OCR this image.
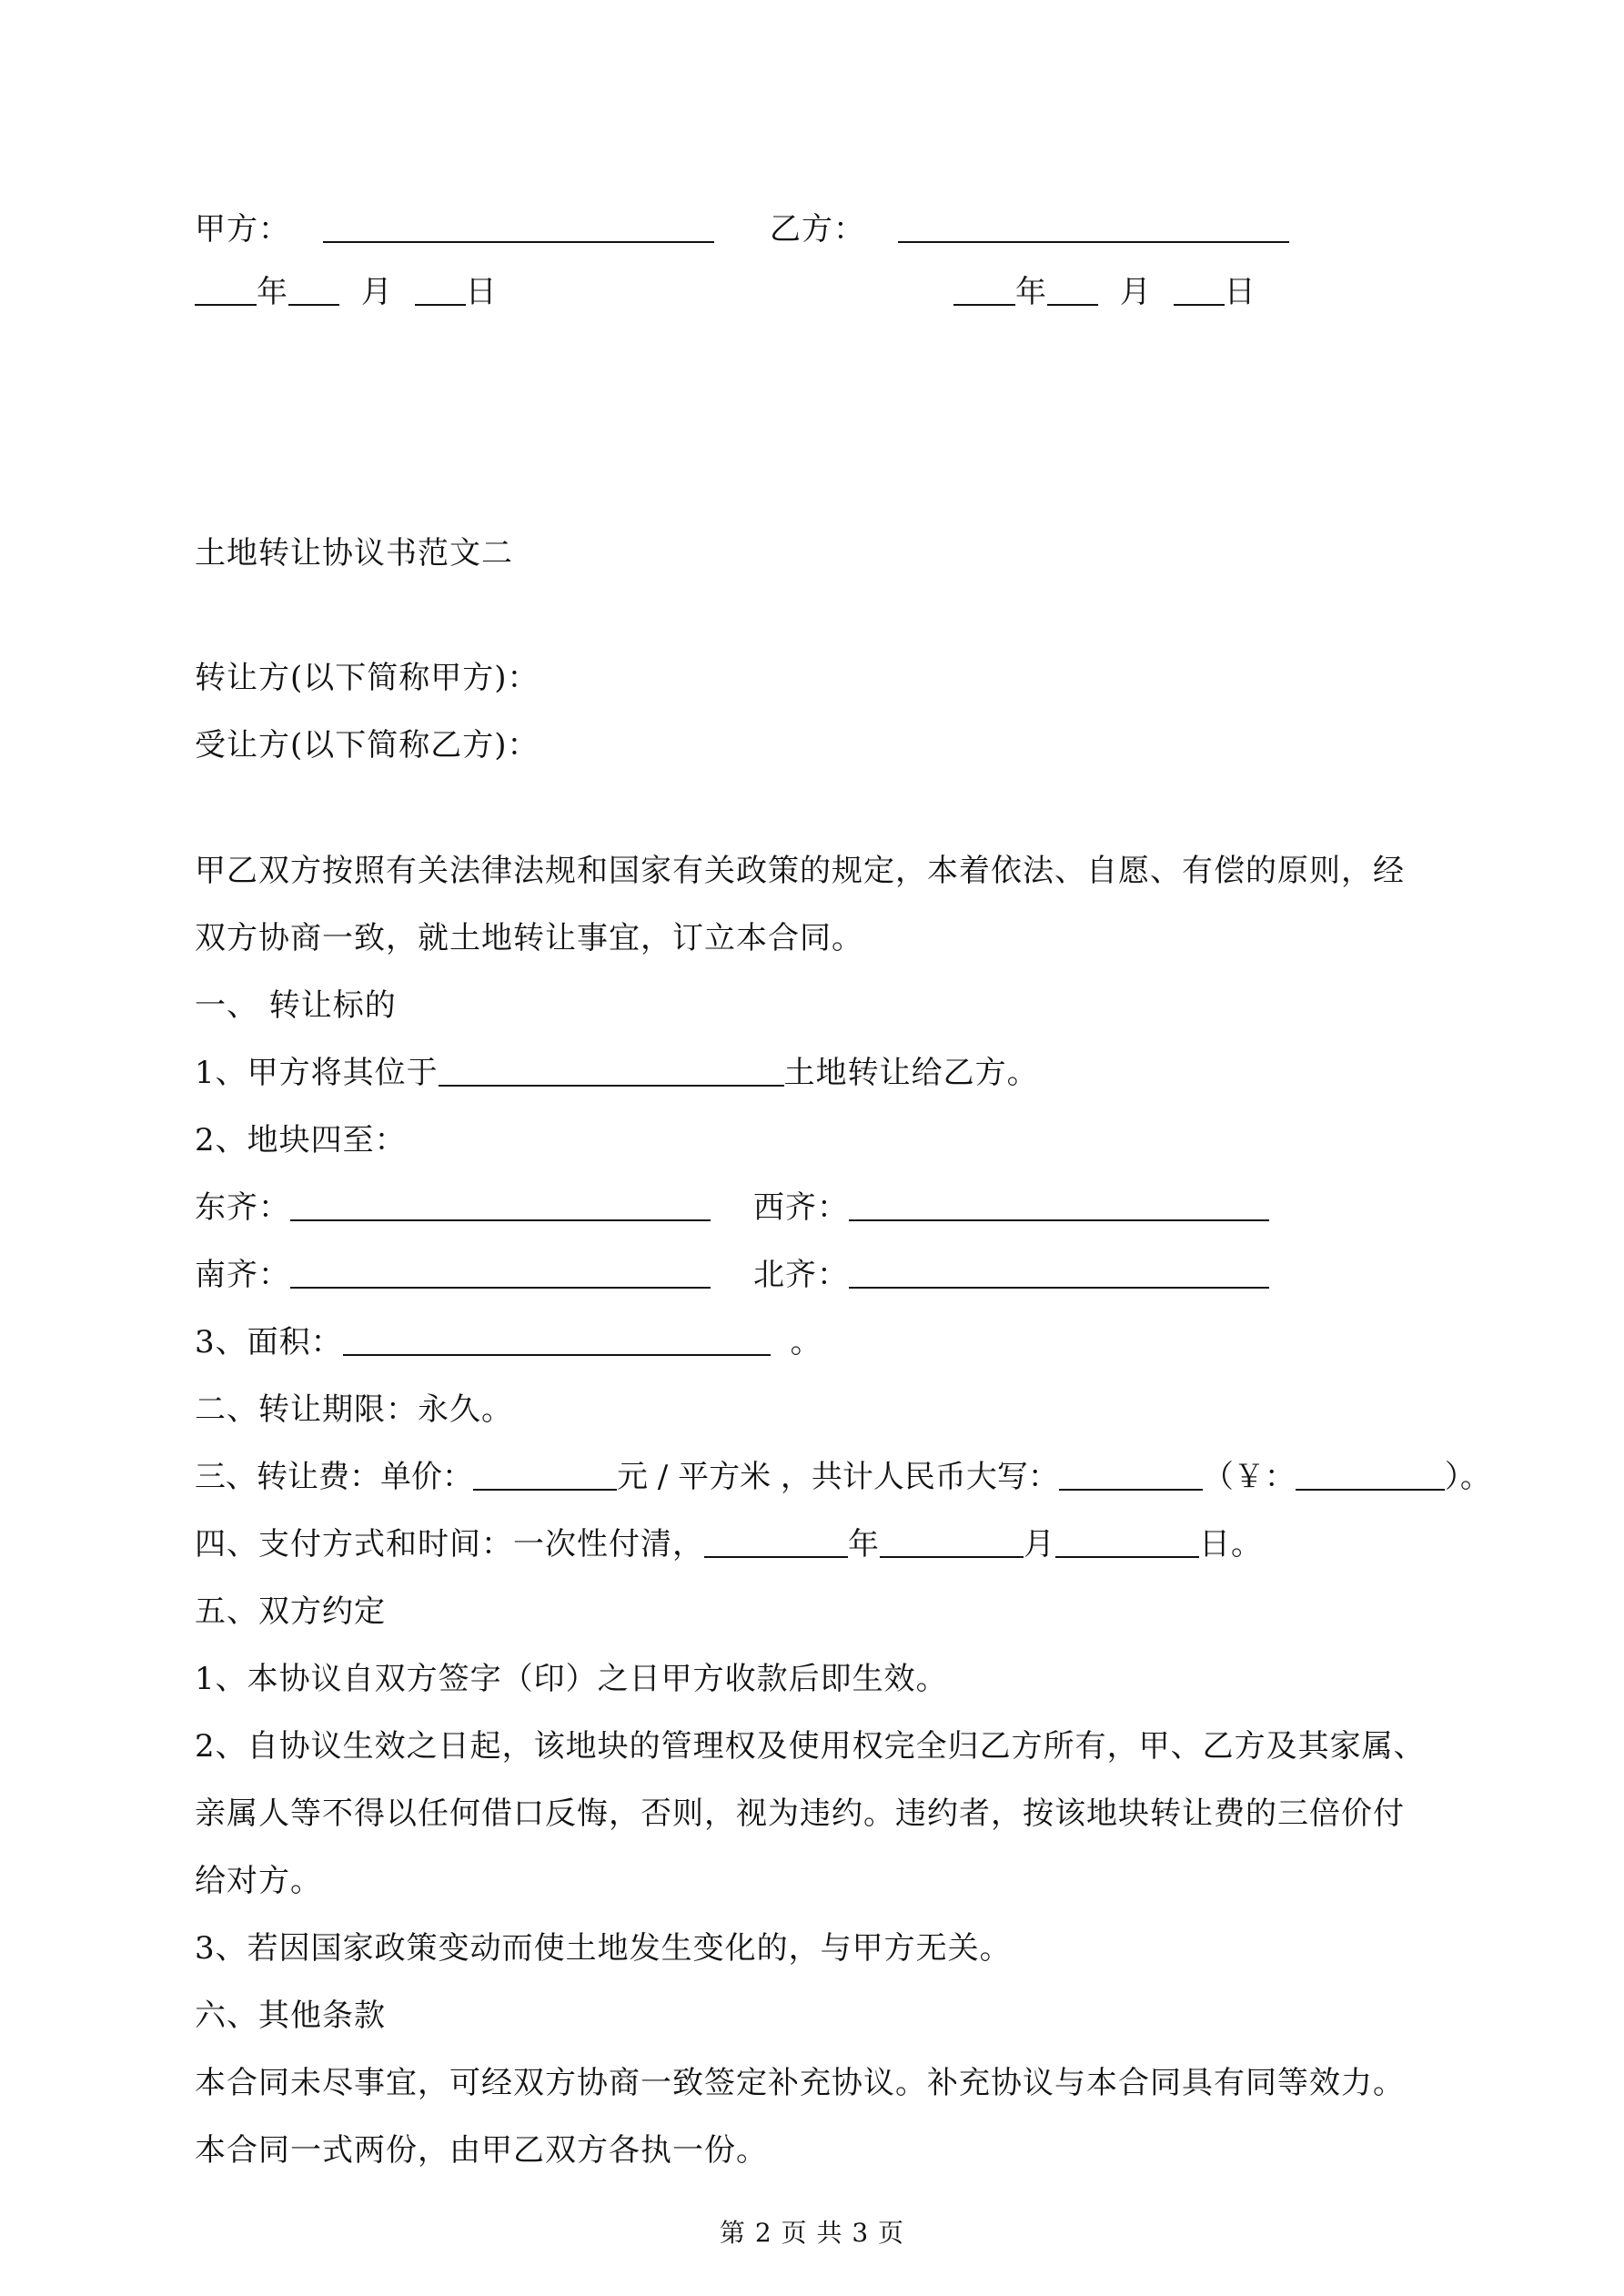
甲方：	乙方：
年 月 日	年 月 日
土地转让协议书范文二
转让方(以下简称甲方)：
受让方(以下简称乙方)：
甲乙双方按照有关法律法规和国家有关政策的规定，本着依法、自愿、有偿的原则，经
双方协商一致，就土地转让事宜，订立本合同。
一、 转让标的
1、甲方将其位于	土地转让给乙方。
2、地块四至：
东齐：	西齐：
南齐：	北齐：
3、面积：	。
二、转让期限：永久。
三、转让费：单价：	元 / 平方米 ，共计人民币大写：	（￥：	）。
四、支付方式和时间：一次性付清，	年	月	日。
五、双方约定
1、本协议自双方签字（印）之日甲方收款后即生效。
2、自协议生效之日起，该地块的管理权及使用权完全归乙方所有，甲、乙方及其家属、
亲属人等不得以任何借口反悔，否则，视为违约。违约者，按该地块转让费的三倍价付
给对方。
3、若因国家政策变动而使土地发生变化的，与甲方无关。
六、其他条款
本合同未尽事宜，可经双方协商一致签定补充协议。补充协议与本合同具有同等效力。
本合同一式两份，由甲乙双方各执一份。
第 2 页 共 3 页
